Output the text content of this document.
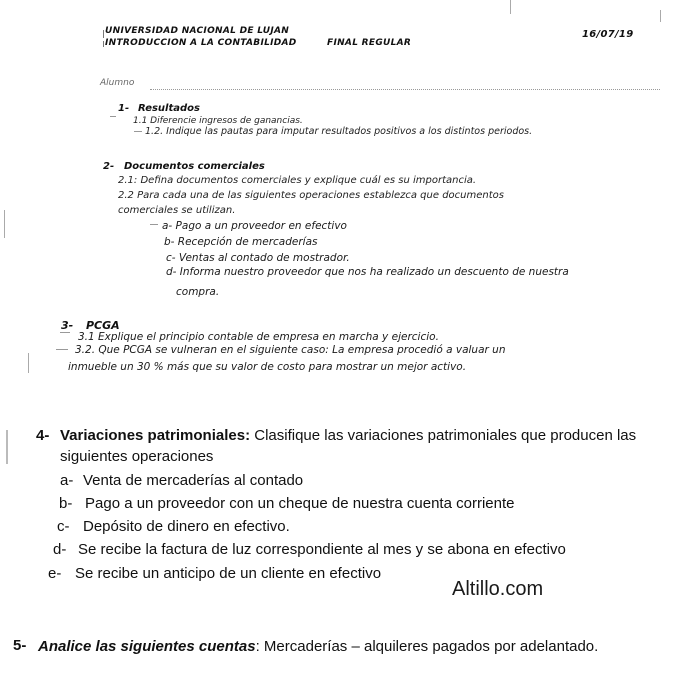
UNIVERSIDAD NACIONAL DE LUJAN
INTRODUCCION A LA CONTABILIDAD	FINAL REGULAR
16/07/19
Alumno
1- Resultados
1.1 Diferencie ingresos de ganancias.
1.2. Indique las pautas para imputar resultados positivos a los distintos periodos.
2- Documentos comerciales
2.1: Defina documentos comerciales y explique cuál es su importancia.
2.2 Para cada una de las siguientes operaciones establezca que documentos
comerciales se utilizan.
a- Pago a un proveedor en efectivo
b- Recepción de mercaderías
c- Ventas al contado de mostrador.
d- Informa nuestro proveedor que nos ha realizado un descuento de nuestra
compra.
3- PCGA
3.1 Explique el principio contable de empresa en marcha y ejercicio.
3.2. Que PCGA se vulneran en el siguiente caso: La empresa procedió a valuar un
inmueble un 30 % más que su valor de costo para mostrar un mejor activo.
4- Variaciones patrimoniales: Clasifique las variaciones patrimoniales que producen las
siguientes operaciones
a- Venta de mercaderías al contado
b- Pago a un proveedor con un cheque de nuestra cuenta corriente
c- Depósito de dinero en efectivo.
d- Se recibe la factura de luz correspondiente al mes y se abona en efectivo
e- Se recibe un anticipo de un cliente en efectivo
Altillo.com
5- Analice las siguientes cuentas: Mercaderías – alquileres pagados por adelantado.
